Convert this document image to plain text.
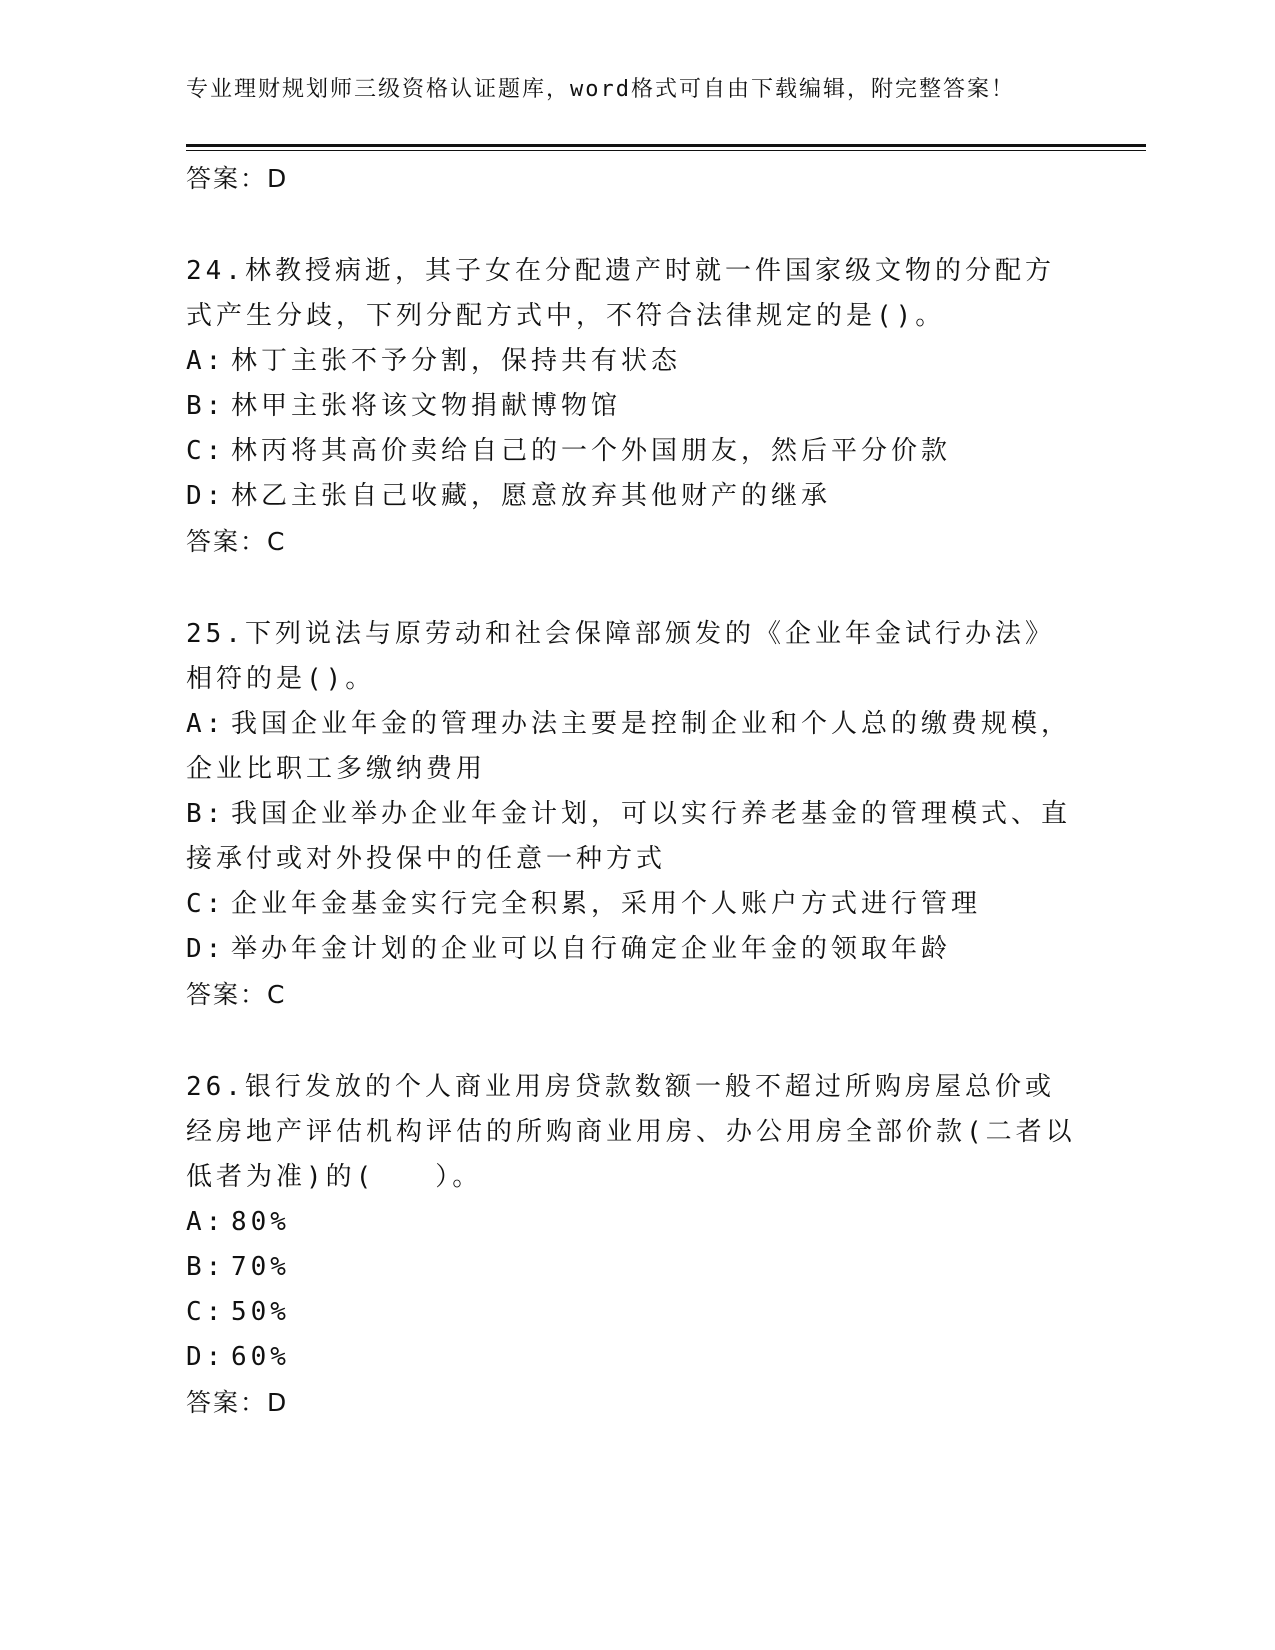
专业理财规划师三级资格认证题库，word格式可自由下载编辑，附完整答案！
答案：D
24.林教授病逝，其子女在分配遗产时就一件国家级文物的分配方式产生分歧，下列分配方式中，不符合法律规定的是()。
A: 林丁主张不予分割，保持共有状态
B: 林甲主张将该文物捐献博物馆
C: 林丙将其高价卖给自己的一个外国朋友，然后平分价款
D: 林乙主张自己收藏，愿意放弃其他财产的继承
答案：C
25.下列说法与原劳动和社会保障部颁发的《企业年金试行办法》相符的是()。
A: 我国企业年金的管理办法主要是控制企业和个人总的缴费规模，企业比职工多缴纳费用
B: 我国企业举办企业年金计划，可以实行养老基金的管理模式、直接承付或对外投保中的任意一种方式
C: 企业年金基金实行完全积累，采用个人账户方式进行管理
D: 举办年金计划的企业可以自行确定企业年金的领取年龄
答案：C
26.银行发放的个人商业用房贷款数额一般不超过所购房屋总价或经房地产评估机构评估的所购商业用房、办公用房全部价款(二者以低者为准)的(　　）。
A: 80%
B: 70%
C: 50%
D: 60%
答案：D
